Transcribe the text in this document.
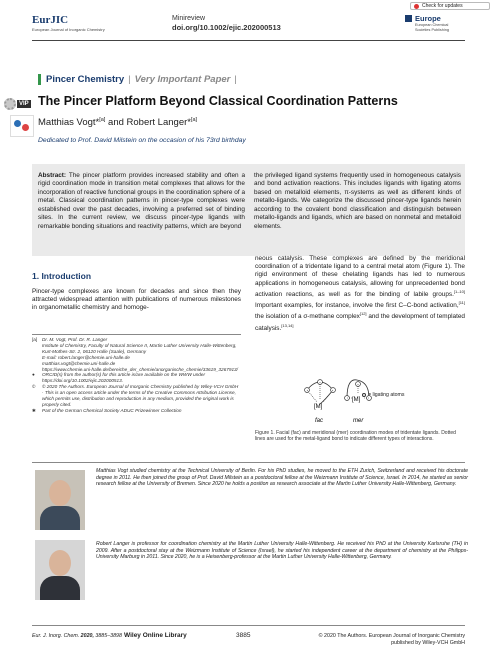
EurJIC
European Journal of Inorganic Chemistry
Minireview
doi.org/10.1002/ejic.202000513
Check for updates
Europe
European Chemical
Societies Publishing
Pincer Chemistry | Very Important Paper |
VIP The Pincer Platform Beyond Classical Coordination Patterns
Matthias Vogt*[a] and Robert Langer*[a]
Dedicated to Prof. David Milstein on the occasion of his 73rd birthday
Abstract: The pincer platform provides increased stability and often a rigid coordination mode in transition metal complexes that allows for the incorporation of reactive functional groups in the coordination sphere of a metal. Classical coordination patterns in pincer-type complexes were established over the past decades, involving a preferred set of binding sites. In the current review, we discuss pincer-type ligands with remarkable bonding situations and reactivity patterns, which are beyond
the privileged ligand systems frequently used in homogeneous catalysis and bond activation reactions. This includes ligands with ligating atoms based on metalloid elements, π-systems as well as different kinds of metallo-ligands. We categorize the discussed pincer-type ligands herein according to the covalent bond classification and distinguish between metallo-ligands and ligands, which are based on nonmetal and metalloid elements.
1. Introduction
Pincer-type complexes are known for decades and since then they attracted widespread attention with publications of numerous milestones in organometallic chemistry and homoge-
neous catalysis. These complexes are defined by the meridional coordination of a tridentate ligand to a central metal atom (Figure 1). The rigid environment of these chelating ligands has led to numerous applications in homogeneous catalysis, allowing for unprecedented bond activation reactions, as well as for the binding of labile groups.[1–10] Important examples, for instance, involve the first C–C-bond activation,[11] the isolation of a σ-methane complex[12] and the development of templated catalysis.[13,14]
[a]	Dr. M. Vogt, Prof. Dr. R. Langer
Institute of Chemistry, Faculty of Natural Science II, Martin Luther University Halle-Wittenberg,
Kurt-Mothes-Str. 2, 06120 Halle (Saale), Germany
E-mail: robert.langer@chemie.uni-halle.de
matthias.vogt@chemie.uni-halle.de
https://www.chemie.uni-halle.de/bereiche_der_chemie/anorganische_chemie/33619_3267913/
●	ORCID(s) from the author(s) for this article is/are available on the WWW under https://doi.org/10.1002/ejic.202000513.
©	© 2020 The Authors. European Journal of Inorganic Chemistry published by Wiley-VCH GmbH · This is an open access article under the terms of the Creative Commons Attribution License, which permits use, distribution and reproduction in any medium, provided the original work is properly cited.
✱	Part of the German Chemical Society ADUC Prizewinner Collection
[M]
fac
[M]
mer
= ligating atoms
Figure 1. Facial (fac) and meridional (mer) coordination modes of tridentate ligands. Dotted lines are used for the metal-ligand bond to indicate different types of interactions.
Matthias Vogt studied chemistry at the Technical University of Berlin. For his PhD studies, he moved to the ETH Zurich, Switzerland and received his doctorate degree in 2011. He then joined the group of Prof. David Milstein as a postdoctoral fellow at the Weizmann Institute of Science, Israel. In 2014, he started as senior research fellow at the University of Bremen. Since 2020 he holds a position as research associate at the Martin Luther University Halle-Wittenberg, Germany.
Robert Langer is professor for coordination chemistry at the Martin Luther University Halle-Wittenberg. He received his PhD at the University Karlsruhe (TH) in 2009. After a postdoctoral stay at the Weizmann Institute of Science (Israel), he started his independent career at the department of chemistry at the Philipps-University Marburg in 2011. Since 2020, he is a Heisenberg-professor at the Martin Luther University Halle-Wittenberg, Germany.
Eur. J. Inorg. Chem. 2020, 3885–3898 Wiley Online Library	3885	© 2020 The Authors. European Journal of Inorganic Chemistry
published by Wiley-VCH GmbH
